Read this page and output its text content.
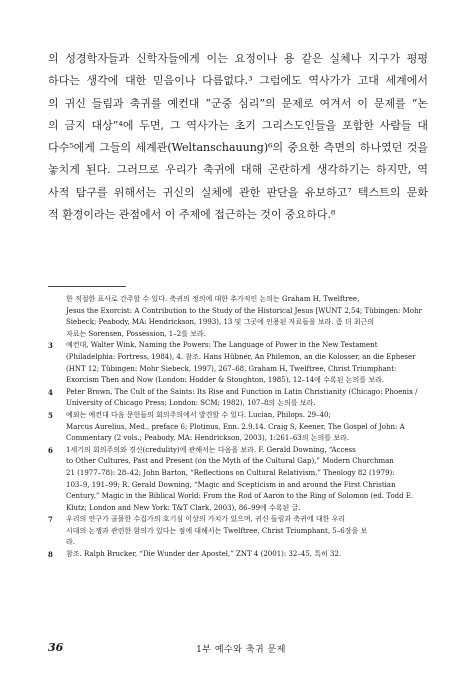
의 성경학자들과 신학자들에게 이는 요정이나 용 같은 실체나 지구가 평평
하다는 생각에 대한 믿음이나 다름없다.³ 그럼에도 역사가가 고대 세계에서
의 귀신 들림과 축귀를 예컨대 “군중 심리”의 문제로 여겨서 이 문제를 “논
의 금지 대상”⁴에 두면, 그 역사가는 초기 그리스도인들을 포함한 사람들 대
다수⁵에게 그들의 세계관(Weltanschauung)⁶의 중요한 측면의 하나였던 것을
놓치게 된다. 그러므로 우리가 축귀에 대해 곤란하게 생각하기는 하지만, 역
사적 탐구를 위해서는 귀신의 실체에 관한 판단을 유보하고⁷ 텍스트의 문화
적 환경이라는 관점에서 이 주제에 접근하는 것이 중요하다.⁸
한 적절한 표사로 간주할 수 있다. 축귀의 정의에 대한 추가적인 논의는 Graham H, Twelftree,
Jesus the Exorcist: A Contribution to the Study of the Historical Jesus [WUNT 2,54; Tübingen: Mohr
Siebeck; Peabody, MA: Hendrickson, 1993), 13 및 그곳에 인용된 자료들을 보라. 좀 더 최근의
자료는 Sorensen, Possession, 1–2를 보라.
3	예컨대, Walter Wink, Naming the Powers: The Language of Power in the New Testament
(Philadelphia: Fortress, 1984), 4. 참조. Hans Hübner, An Philemon, an die Kolosser, an die Epheser
(HNT 12; Tübingen: Mohr Siebeck, 1997), 267–68, Graham H, Twelftree, Christ Triumphant:
Exorcism Then and Now (London: Hodder & Stoughton, 1985), 12–14에 수록된 논의를 보라.
4	Peter Brown, The Cult of the Saints: Its Rise and Function in Latin Christianity (Chicago: Phoenix /
University of Chicago Press; London: SCM; 1982), 107–8의 논의를 보라.
5	예외는 예컨대 다음 문헌들의 회의주의에서 발견할 수 있다. Lucian, Philops. 29–40;
Marcus Aurelius, Med., preface 6; Plotinus, Enn. 2.9.14. Craig S, Keener, The Gospel of John: A
Commentary (2 vols.; Peabody, MA: Hendrickson, 2003), 1:261–63의 논의를 보라.
6	1세기의 회의주의와 경신(credulity)에 관해서는 다음을 보라. F. Gerald Downing, “Access
to Other Cultures, Past and Present (on the Myth of the Cultural Gap),” Modern Churchman
21 (1977–78): 28–42; John Barton, “Reflections on Cultural Relativism,” Theology 82 (1979):
103–9, 191–99; R. Gerald Downing, “Magic and Scepticism in and around the First Christian
Century,” Magic in the Biblical World: From the Rod of Aaron to the Ring of Solomon (ed. Todd E.
Klutz; London and New York: T&T Clark, 2003), 86–99에 수록된 글.
7	우리의 연구가 골몰한 수집가의 호기심 이상의 가치가 있으며, 귀신 들림과 축귀에 대한 우리
시대의 논쟁과 관련한 함의가 있다는 점에 대해서는 Twelftree, Christ Triumphant, 5–6장을 보
라.
8	참조. Ralph Brucker, “Die Wunder der Apostel,” ZNT 4 (2001): 32–45, 특히 32.
36	1부 예수와 축귀 문제
